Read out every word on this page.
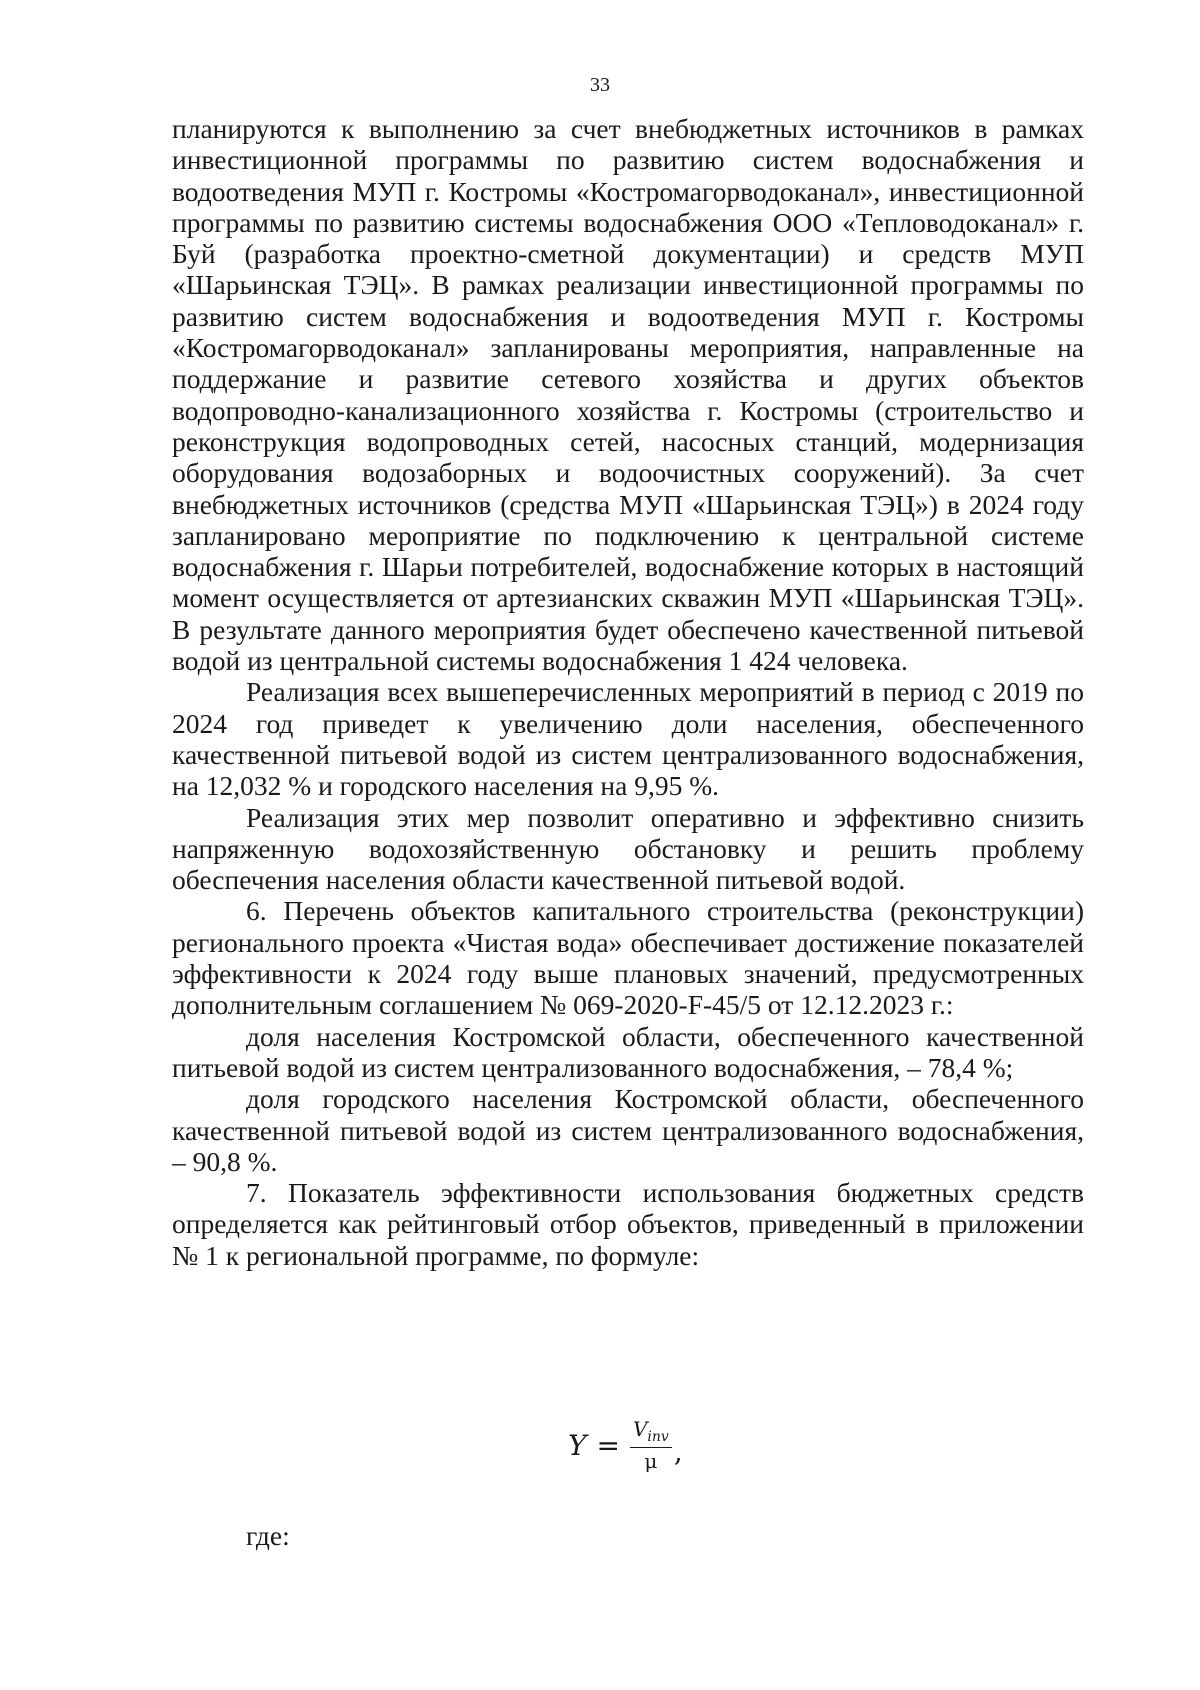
33

планируются к выполнению за счет внебюджетных источников в рамках инвестиционной программы по развитию систем водоснабжения и водоотведения МУП г. Костромы «Костромагорводоканал», инвестиционной программы по развитию системы водоснабжения ООО «Тепловодоканал» г. Буй (разработка проектно-сметной документации) и средств МУП «Шарьинская ТЭЦ». В рамках реализации инвестиционной программы по развитию систем водоснабжения и водоотведения МУП г. Костромы «Костромагорводоканал» запланированы мероприятия, направленные на поддержание и развитие сетевого хозяйства и других объектов водопроводно-канализационного хозяйства г. Костромы (строительство и реконструкция водопроводных сетей, насосных станций, модернизация оборудования водозаборных и водоочистных сооружений). За счет внебюджетных источников (средства МУП «Шарьинская ТЭЦ») в 2024 году запланировано мероприятие по подключению к центральной системе водоснабжения г. Шарьи потребителей, водоснабжение которых в настоящий момент осуществляется от артезианских скважин МУП «Шарьинская ТЭЦ». В результате данного мероприятия будет обеспечено качественной питьевой водой из центральной системы водоснабжения 1 424 человека.

Реализация всех вышеперечисленных мероприятий в период с 2019 по 2024 год приведет к увеличению доли населения, обеспеченного качественной питьевой водой из систем централизованного водоснабжения, на 12,032 % и городского населения на 9,95 %.

Реализация этих мер позволит оперативно и эффективно снизить напряженную водохозяйственную обстановку и решить проблему обеспечения населения области качественной питьевой водой.

6. Перечень объектов капитального строительства (реконструкции) регионального проекта «Чистая вода» обеспечивает достижение показателей эффективности к 2024 году выше плановых значений, предусмотренных дополнительным соглашением № 069-2020-F-45/5 от 12.12.2023 г.:

доля населения Костромской области, обеспеченного качественной питьевой водой из систем централизованного водоснабжения, – 78,4 %;

доля городского населения Костромской области, обеспеченного качественной питьевой водой из систем централизованного водоснабжения, – 90,8 %.

7. Показатель эффективности использования бюджетных средств определяется как рейтинговый отбор объектов, приведенный в приложении № 1 к региональной программе, по формуле:

$Y = \frac{V_{inv}}{\mu}$ ,
где:
